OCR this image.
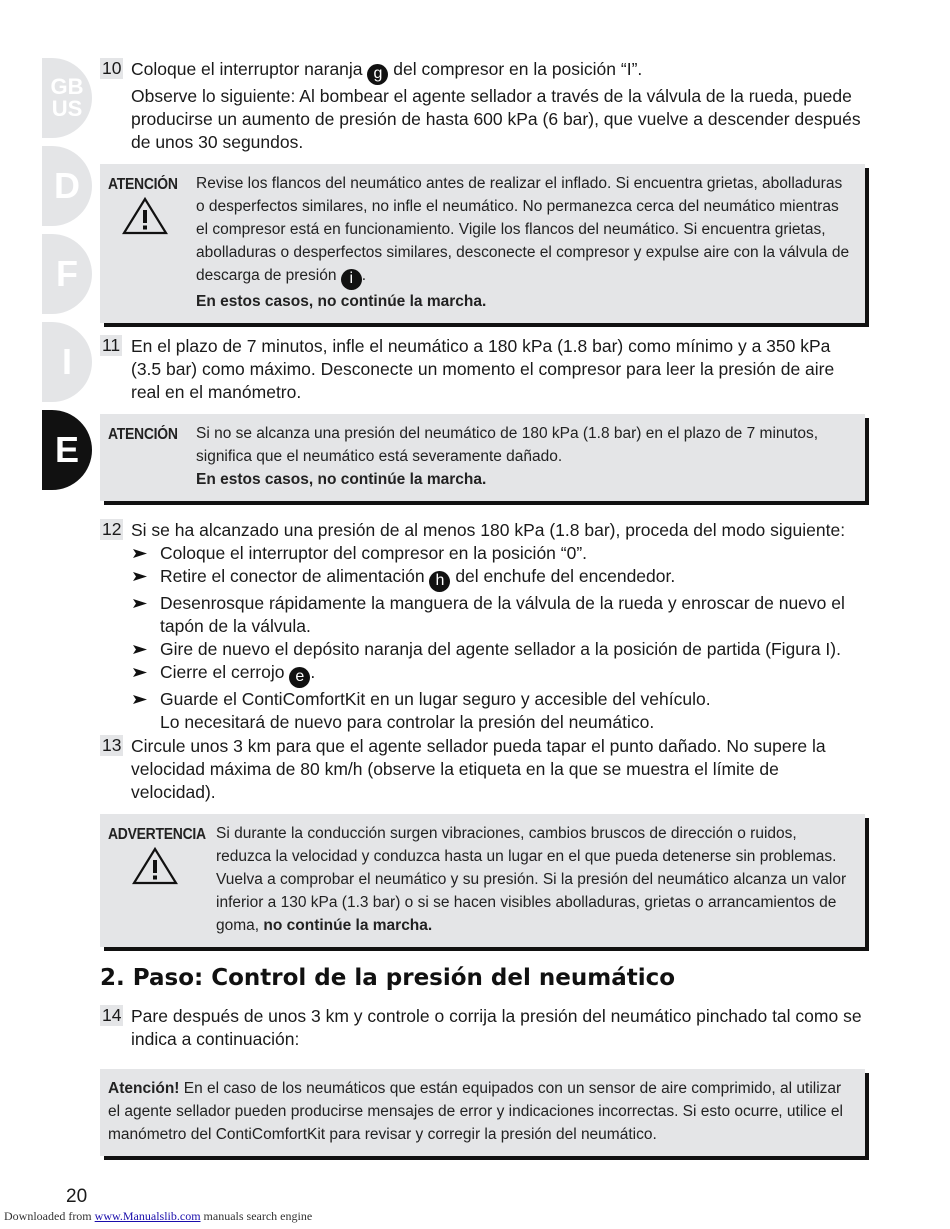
GB
US
D
F
I
E
10 Coloque el interruptor naranja g del compresor en la posición “I”.

Observe lo siguiente: Al bombear el agente sellador a través de la válvula de la rueda, puede producirse un aumento de presión de hasta 600 kPa (6 bar), que vuelve a descender después de unos 30 segundos.

ATENCIÓN Revise los flancos del neumático antes de realizar el inflado. Si encuentra grietas, abolladuras o desperfectos similares, no infle el neumático. No permanezca cerca del neumático mientras el compresor está en funcionamiento. Vigile los flancos del neumático. Si encuentra grietas, abolladuras o desperfectos similares, desconecte el compresor y expulse aire con la válvula de descarga de presión i .

En estos casos, no continúe la marcha.

11 En el plazo de 7 minutos, infle el neumático a 180 kPa (1.8 bar) como mínimo y a 350 kPa (3.5 bar) como máximo. Desconecte un momento el compresor para leer la presión de aire real en el manómetro.

ATENCIÓN Si no se alcanza una presión del neumático de 180 kPa (1.8 bar) en el plazo de 7 minutos, significa que el neumático está severamente dañado.

En estos casos, no continúe la marcha.

12 Si se ha alcanzado una presión de al menos 180 kPa (1.8 bar), proceda del modo siguiente:

Coloque el interruptor del compresor en la posición “0”.
Retire el conector de alimentación h del enchufe del encendedor.
Desenrosque rápidamente la manguera de la válvula de la rueda y enroscar de nuevo el tapón de la válvula.
Gire de nuevo el depósito naranja del agente sellador a la posición de partida (Figura I).
Cierre el cerrojo e .
Guarde el ContiComfortKit en un lugar seguro y accesible del vehículo.
Lo necesitará de nuevo para controlar la presión del neumático.
13 Circule unos 3 km para que el agente sellador pueda tapar el punto dañado. No supere la velocidad máxima de 80 km/h (observe la etiqueta en la que se muestra el límite de velocidad).

ADVERTENCIA Si durante la conducción surgen vibraciones, cambios bruscos de dirección o ruidos, reduzca la velocidad y conduzca hasta un lugar en el que pueda detenerse sin problemas. Vuelva a comprobar el neumático y su presión. Si la presión del neumático alcanza un valor inferior a 130 kPa (1.3 bar) o si se hacen visibles abolladuras, grietas o arrancamientos de goma, no continúe la marcha.

2. Paso: Control de la presión del neumático
14 Pare después de unos 3 km y controle o corrija la presión del neumático pinchado tal como se indica a continuación:

Atención! En el caso de los neumáticos que están equipados con un sensor de aire comprimido, al utilizar el agente sellador pueden producirse mensajes de error y indicaciones incorrectas. Si esto ocurre, utilice el manómetro del ContiComfortKit para revisar y corregir la presión del neumático.

20
Downloaded from www.Manualslib.com manuals search engine
